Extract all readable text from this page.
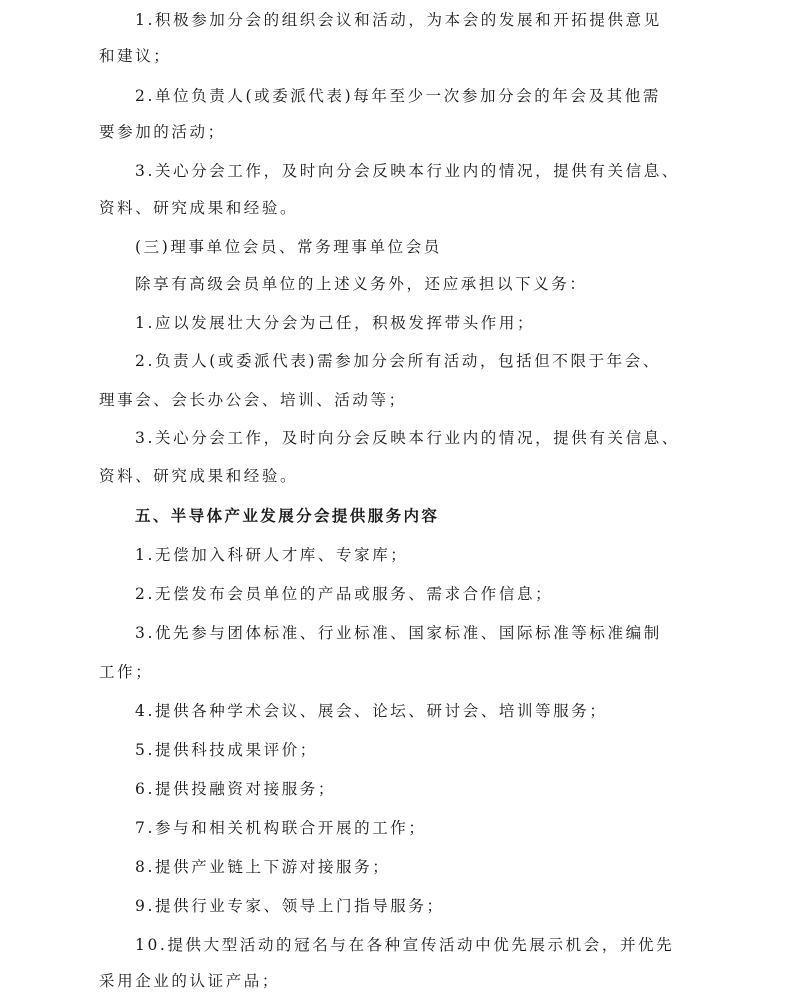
1.积极参加分会的组织会议和活动，为本会的发展和开拓提供意见
和建议；
2.单位负责人(或委派代表)每年至少一次参加分会的年会及其他需
要参加的活动；
3.关心分会工作，及时向分会反映本行业内的情况，提供有关信息、
资料、研究成果和经验。
(三)理事单位会员、常务理事单位会员
除享有高级会员单位的上述义务外，还应承担以下义务：
1.应以发展壮大分会为己任，积极发挥带头作用；
2.负责人(或委派代表)需参加分会所有活动，包括但不限于年会、
理事会、会长办公会、培训、活动等；
3.关心分会工作，及时向分会反映本行业内的情况，提供有关信息、
资料、研究成果和经验。
五、半导体产业发展分会提供服务内容
1.无偿加入科研人才库、专家库；
2.无偿发布会员单位的产品或服务、需求合作信息；
3.优先参与团体标准、行业标准、国家标准、国际标准等标准编制
工作；
4.提供各种学术会议、展会、论坛、研讨会、培训等服务；
5.提供科技成果评价；
6.提供投融资对接服务；
7.参与和相关机构联合开展的工作；
8.提供产业链上下游对接服务；
9.提供行业专家、领导上门指导服务；
10.提供大型活动的冠名与在各种宣传活动中优先展示机会，并优先
采用企业的认证产品；
